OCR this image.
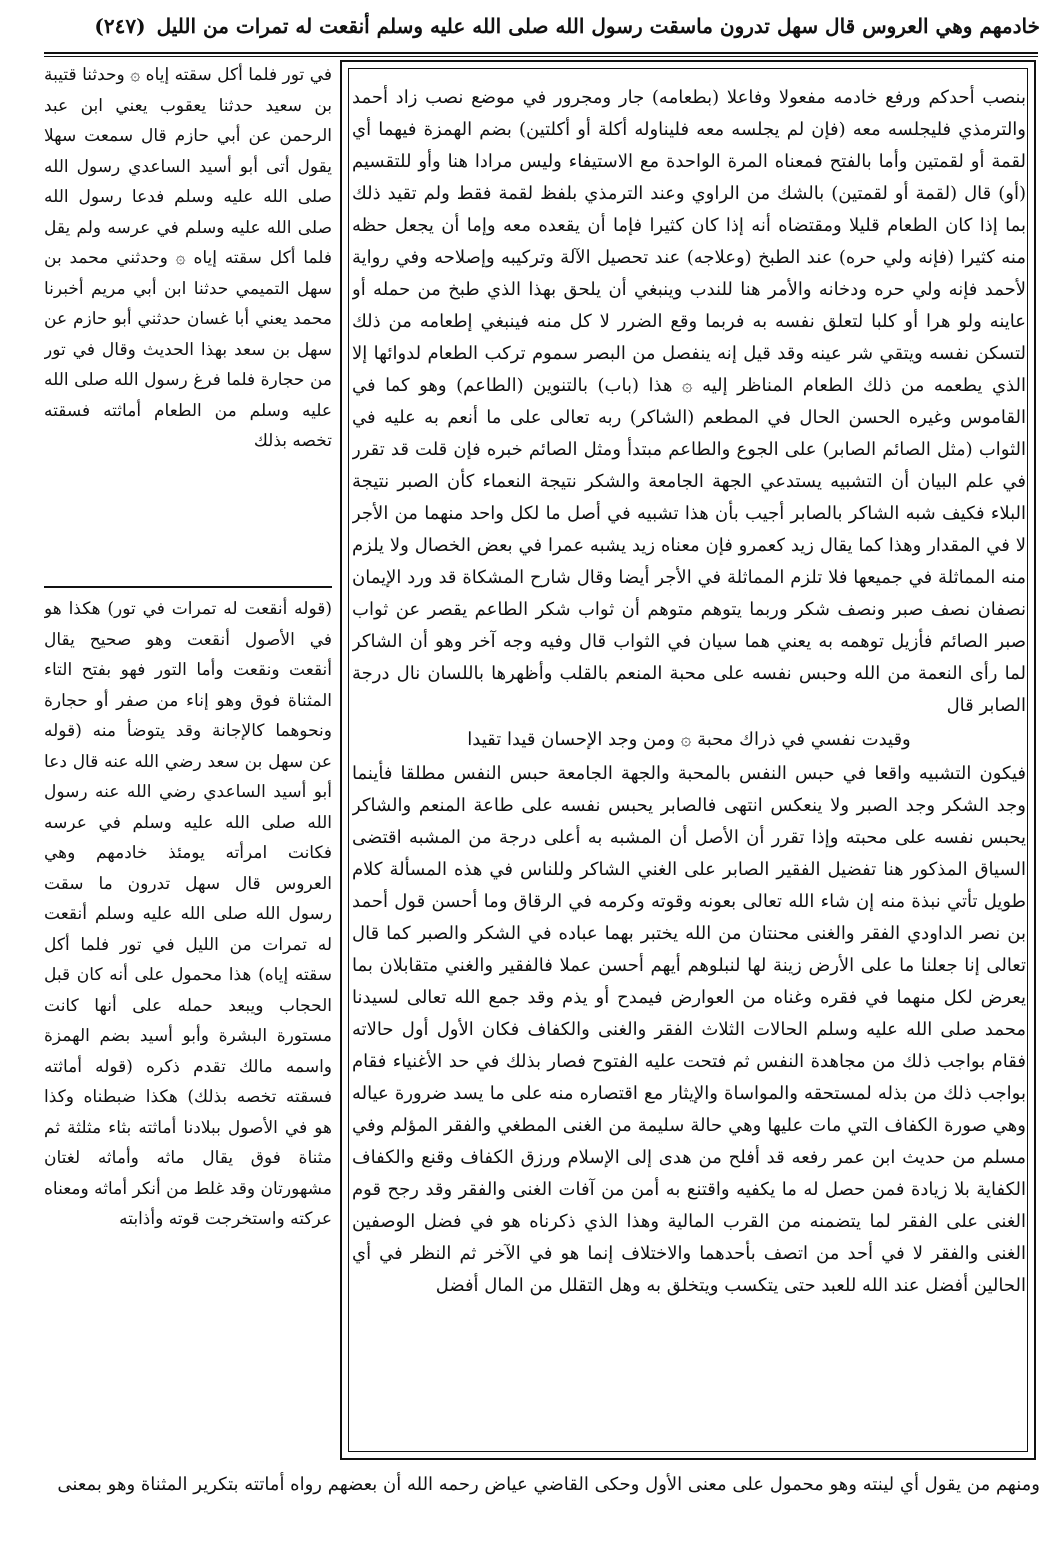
خادمهم وهي العروس قال سهل تدرون ماسقت رسول الله صلى الله عليه وسلم أنقعت له تمرات من الليل (٢٤٧)

بنصب أحدكم ورفع خادمه مفعولا وفاعلا (بطعامه) جار ومجرور في موضع نصب زاد أحمد والترمذي فليجلسه معه (فإن لم يجلسه معه فليناوله أكلة أو أكلتين) بضم الهمزة فيهما أي لقمة أو لقمتين وأما بالفتح فمعناه المرة الواحدة مع الاستيفاء وليس مرادا هنا وأو للتقسيم (أو) قال (لقمة أو لقمتين) بالشك من الراوي وعند الترمذي بلفظ لقمة فقط ولم تقيد ذلك بما إذا كان الطعام قليلا ومقتضاه أنه إذا كان كثيرا فإما أن يقعده معه وإما أن يجعل حظه منه كثيرا (فإنه ولي حره) عند الطبخ (وعلاجه) عند تحصيل الآلة وتركيبه وإصلاحه وفي رواية لأحمد فإنه ولي حره ودخانه والأمر هنا للندب وينبغي أن يلحق بهذا الذي طبخ من حمله أو عاينه ولو هرا أو كلبا لتعلق نفسه به فربما وقع الضرر لا كل منه فينبغي إطعامه من ذلك لتسكن نفسه ويتقي شر عينه وقد قيل إنه ينفصل من البصر سموم تركب الطعام لدوائها إلا الذي يطعمه من ذلك الطعام المناظر إليه ۞ هذا (باب) بالتنوين (الطاعم) وهو كما في القاموس وغيره الحسن الحال في المطعم (الشاكر) ربه تعالى على ما أنعم به عليه في الثواب (مثل الصائم الصابر) على الجوع والطاعم مبتدأ ومثل الصائم خبره فإن قلت قد تقرر في علم البيان أن التشبيه يستدعي الجهة الجامعة والشكر نتيجة النعماء كأن الصبر نتيجة البلاء فكيف شبه الشاكر بالصابر أجيب بأن هذا تشبيه في أصل ما لكل واحد منهما من الأجر لا في المقدار وهذا كما يقال زيد كعمرو فإن معناه زيد يشبه عمرا في بعض الخصال ولا يلزم منه المماثلة في جميعها فلا تلزم المماثلة في الأجر أيضا وقال شارح المشكاة قد ورد الإيمان نصفان نصف صبر ونصف شكر وربما يتوهم متوهم أن ثواب شكر الطاعم يقصر عن ثواب صبر الصائم فأزيل توهمه به يعني هما سيان في الثواب قال وفيه وجه آخر وهو أن الشاكر لما رأى النعمة من الله وحبس نفسه على محبة المنعم بالقلب وأظهرها باللسان نال درجة الصابر قال

وقيدت نفسي في ذراك محبة ۞ ومن وجد الإحسان قيدا تقيدا

فيكون التشبيه واقعا في حبس النفس بالمحبة والجهة الجامعة حبس النفس مطلقا فأينما وجد الشكر وجد الصبر ولا ينعكس انتهى فالصابر يحبس نفسه على طاعة المنعم والشاكر يحبس نفسه على محبته وإذا تقرر أن الأصل أن المشبه به أعلى درجة من المشبه اقتضى السياق المذكور هنا تفضيل الفقير الصابر على الغني الشاكر وللناس في هذه المسألة كلام طويل تأتي نبذة منه إن شاء الله تعالى بعونه وقوته وكرمه في الرقاق وما أحسن قول أحمد بن نصر الداودي الفقر والغنى محنتان من الله يختبر بهما عباده في الشكر والصبر كما قال تعالى إنا جعلنا ما على الأرض زينة لها لنبلوهم أيهم أحسن عملا فالفقير والغني متقابلان بما يعرض لكل منهما في فقره وغناه من العوارض فيمدح أو يذم وقد جمع الله تعالى لسيدنا محمد صلى الله عليه وسلم الحالات الثلاث الفقر والغنى والكفاف فكان الأول أول حالاته فقام بواجب ذلك من مجاهدة النفس ثم فتحت عليه الفتوح فصار بذلك في حد الأغنياء فقام بواجب ذلك من بذله لمستحقه والمواساة والإيثار مع اقتصاره منه على ما يسد ضرورة عياله وهي صورة الكفاف التي مات عليها وهي حالة سليمة من الغنى المطغي والفقر المؤلم وفي مسلم من حديث ابن عمر رفعه قد أفلح من هدى إلى الإسلام ورزق الكفاف وقنع والكفاف الكفاية بلا زيادة فمن حصل له ما يكفيه واقتنع به أمن من آفات الغنى والفقر وقد رجح قوم الغنى على الفقر لما يتضمنه من القرب المالية وهذا الذي ذكرناه هو في فضل الوصفين الغنى والفقر لا في أحد من اتصف بأحدهما والاختلاف إنما هو في الآخر ثم النظر في أي الحالين أفضل عند الله للعبد حتى يتكسب ويتخلق به وهل التقلل من المال أفضل

في تور فلما أكل سقته إياه ۞ وحدثنا قتيبة بن سعيد حدثنا يعقوب يعني ابن عبد الرحمن عن أبي حازم قال سمعت سهلا يقول أتى أبو أسيد الساعدي رسول الله صلى الله عليه وسلم فدعا رسول الله صلى الله عليه وسلم في عرسه ولم يقل فلما أكل سقته إياه ۞ وحدثني محمد بن سهل التميمي حدثنا ابن أبي مريم أخبرنا محمد يعني أبا غسان حدثني أبو حازم عن سهل بن سعد بهذا الحديث وقال في تور من حجارة فلما فرغ رسول الله صلى الله عليه وسلم من الطعام أماثته فسقته تخصه بذلك
(قوله أنقعت له تمرات في تور) هكذا هو في الأصول أنقعت وهو صحيح يقال أنقعت ونقعت وأما التور فهو بفتح التاء المثناة فوق وهو إناء من صفر أو حجارة ونحوهما كالإجانة وقد يتوضأ منه (قوله عن سهل بن سعد رضي الله عنه قال دعا أبو أسيد الساعدي رضي الله عنه رسول الله صلى الله عليه وسلم في عرسه فكانت امرأته يومئذ خادمهم وهي العروس قال سهل تدرون ما سقت رسول الله صلى الله عليه وسلم أنقعت له تمرات من الليل في تور فلما أكل سقته إياه) هذا محمول على أنه كان قبل الحجاب ويبعد حمله على أنها كانت مستورة البشرة وأبو أسيد بضم الهمزة واسمه مالك تقدم ذكره (قوله أماثته فسقته تخصه بذلك) هكذا ضبطناه وكذا هو في الأصول ببلادنا أماثته بثاء مثلثة ثم مثناة فوق يقال ماثه وأماثه لغتان مشهورتان وقد غلط من أنكر أماثه ومعناه عركته واستخرجت قوته وأذابته
ومنهم من يقول أي لينته وهو محمول على معنى الأول وحكى القاضي عياض رحمه الله أن بعضهم رواه أماتته بتكرير المثناة وهو بمعنى
